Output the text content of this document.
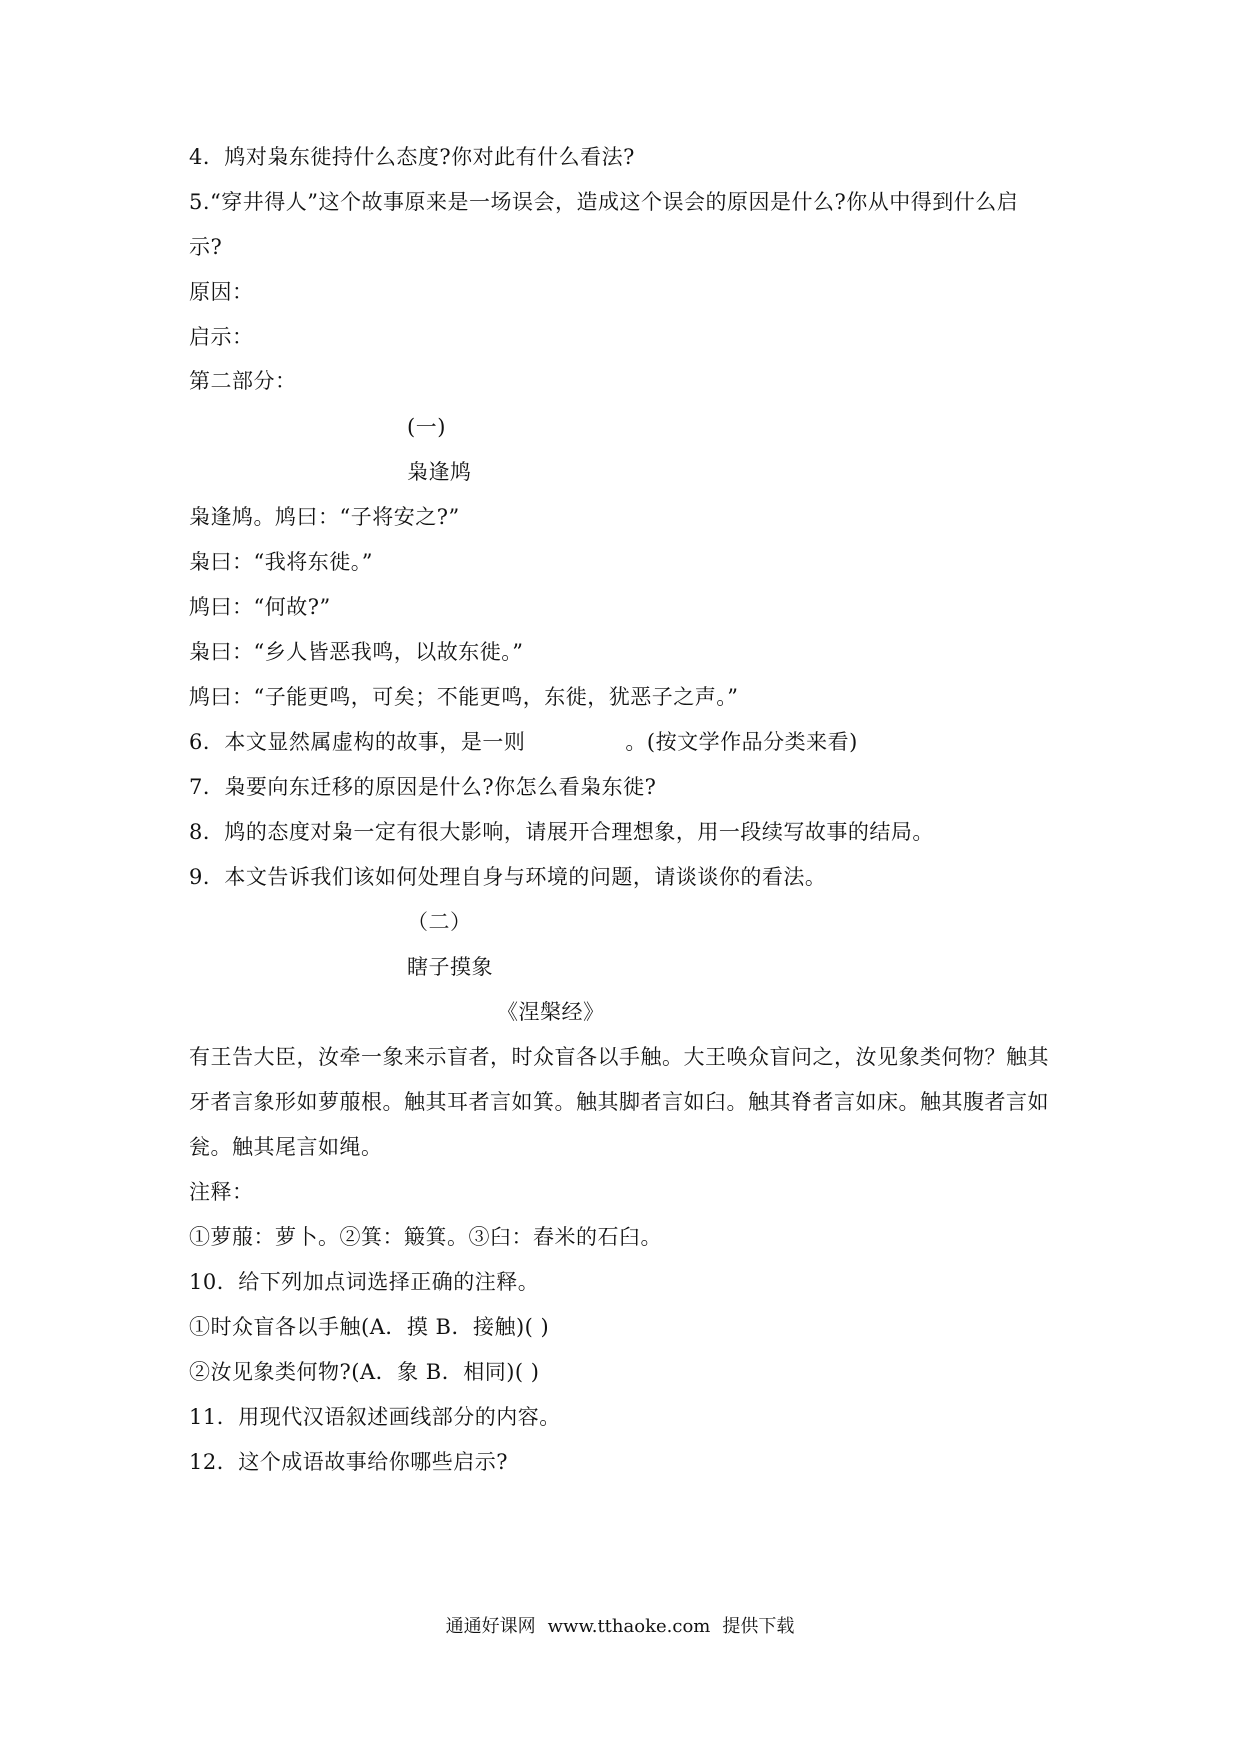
4．鸠对枭东徙持什么态度?你对此有什么看法?
5.“穿井得人”这个故事原来是一场误会，造成这个误会的原因是什么?你从中得到什么启
示?
原因：
启示：
第二部分：
(一)
枭逢鸠
枭逢鸠。鸠曰：“子将安之?”
枭曰：“我将东徙。”
鸠曰：“何故?”
枭曰：“乡人皆恶我鸣，以故东徙。”
鸠曰：“子能更鸣，可矣；不能更鸣，东徙，犹恶子之声。”
6．本文显然属虚构的故事，是一则	。(按文学作品分类来看)
7．枭要向东迁移的原因是什么?你怎么看枭东徙?
8．鸠的态度对枭一定有很大影响，请展开合理想象，用一段续写故事的结局。
9．本文告诉我们该如何处理自身与环境的问题，请谈谈你的看法。
（二）
瞎子摸象
《涅槃经》
有王告大臣，汝牵一象来示盲者，时众盲各以手触。大王唤众盲问之，汝见象类何物？触其
牙者言象形如萝菔根。触其耳者言如箕。触其脚者言如臼。触其脊者言如床。触其腹者言如
瓮。触其尾言如绳。
注释：
①萝菔：萝卜。②箕：簸箕。③臼：舂米的石臼。
10．给下列加点词选择正确的注释。
①时众盲各以手触(A．摸 B．接触)( )
②汝见象类何物?(A．象 B．相同)( )
11．用现代汉语叙述画线部分的内容。
12．这个成语故事给你哪些启示?
通通好课网 www.tthaoke.com 提供下载
